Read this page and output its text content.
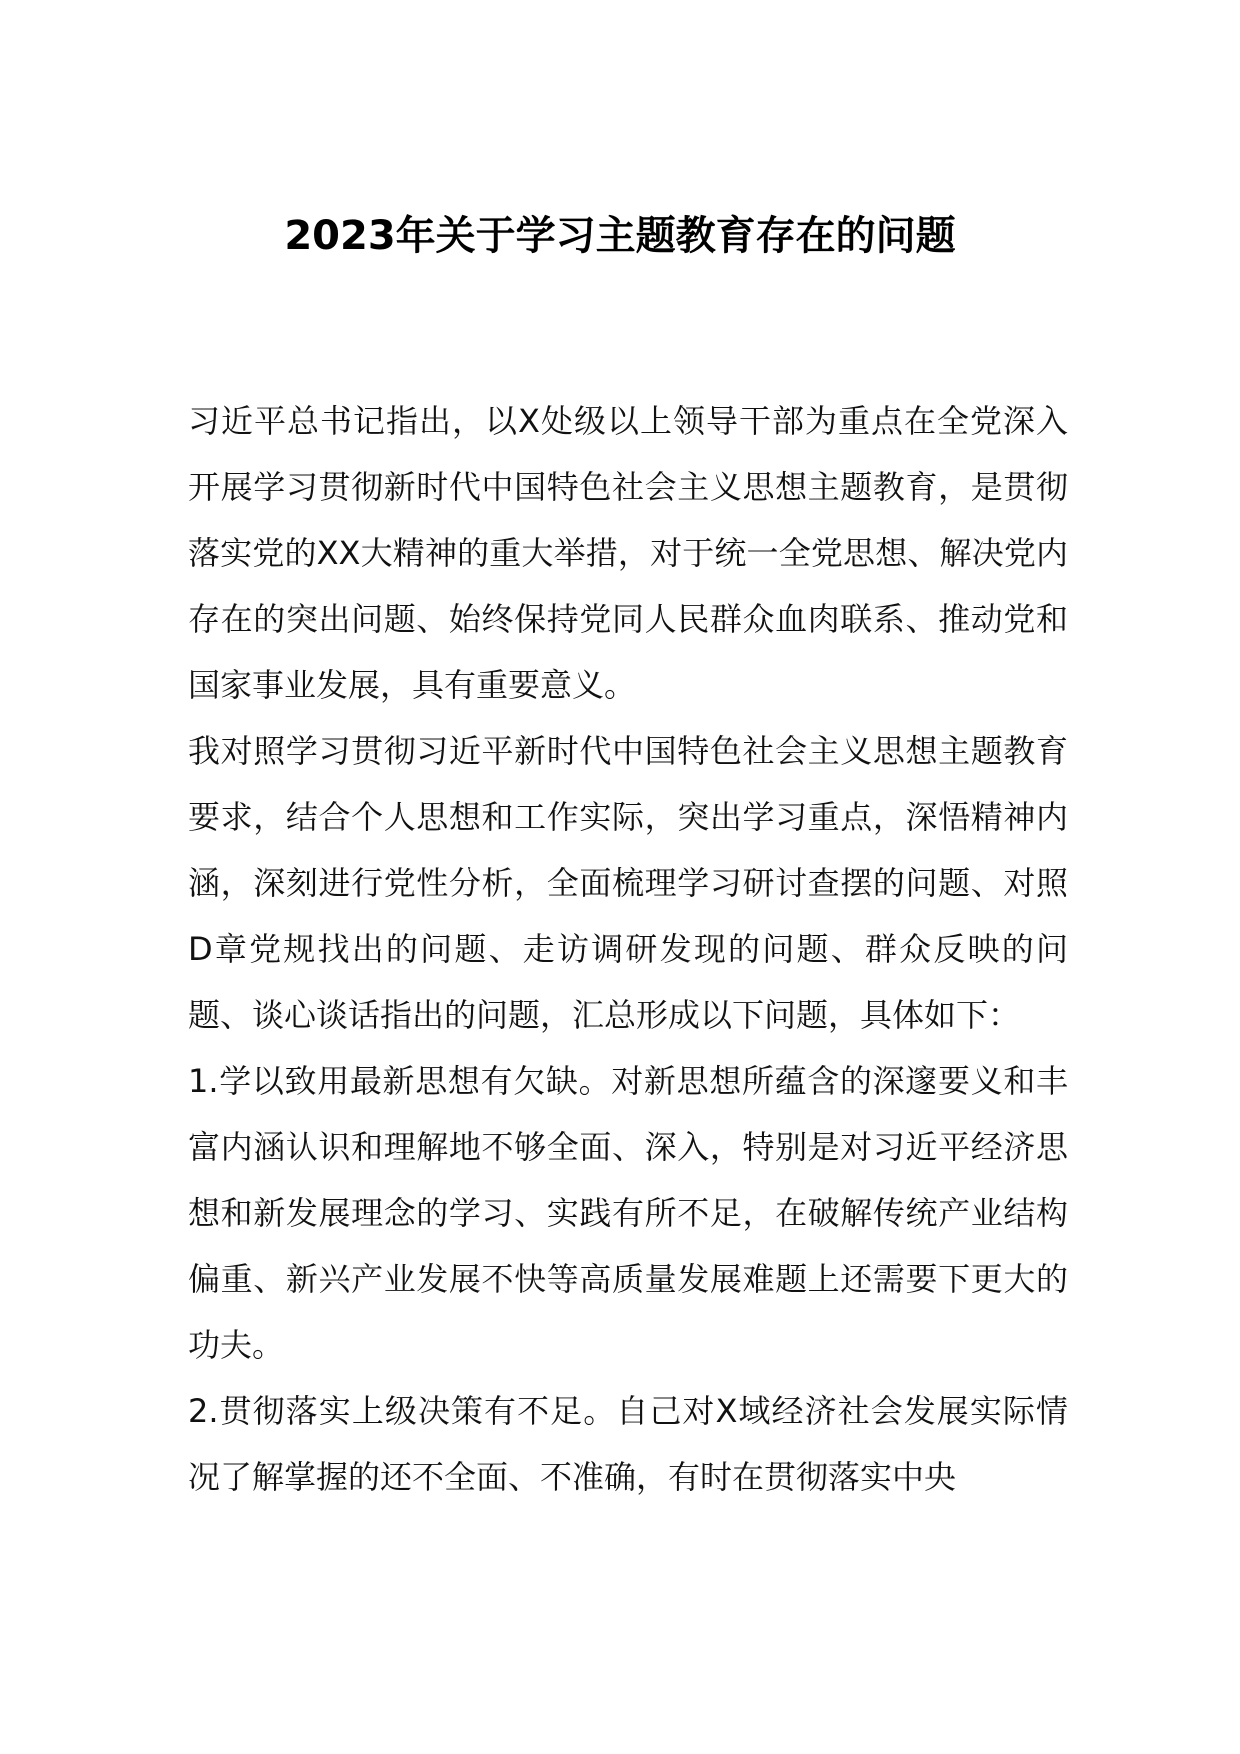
2023年关于学习主题教育存在的问题

习近平总书记指出，以X处级以上领导干部为重点在全党深入开展学习贯彻新时代中国特色社会主义思想主题教育，是贯彻落实党的XX大精神的重大举措，对于统一全党思想、解决党内存在的突出问题、始终保持党同人民群众血肉联系、推动党和国家事业发展，具有重要意义。

我对照学习贯彻习近平新时代中国特色社会主义思想主题教育要求，结合个人思想和工作实际，突出学习重点，深悟精神内涵，深刻进行党性分析，全面梳理学习研讨查摆的问题、对照D章党规找出的问题、走访调研发现的问题、群众反映的问题、谈心谈话指出的问题，汇总形成以下问题，具体如下：

1.学以致用最新思想有欠缺。对新思想所蕴含的深邃要义和丰富内涵认识和理解地不够全面、深入，特别是对习近平经济思想和新发展理念的学习、实践有所不足，在破解传统产业结构偏重、新兴产业发展不快等高质量发展难题上还需要下更大的功夫。

2.贯彻落实上级决策有不足。自己对X域经济社会发展实际情况了解掌握的还不全面、不准确，有时在贯彻落实中央
